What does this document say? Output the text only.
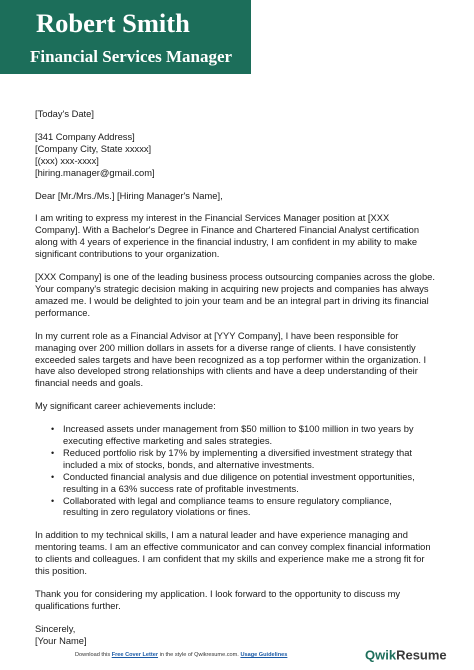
Robert Smith
Financial Services Manager
[Today's Date]
[341 Company Address]
[Company City, State xxxxx]
[(xxx) xxx-xxxx]
[hiring.manager@gmail.com]
Dear [Mr./Mrs./Ms.] [Hiring Manager's Name],

I am writing to express my interest in the Financial Services Manager position at [XXX
Company]. With a Bachelor's Degree in Finance and Chartered Financial Analyst certification
along with 4 years of experience in the financial industry, I am confident in my ability to make
significant contributions to your organization.

[XXX Company] is one of the leading business process outsourcing companies across the globe.
Your company's strategic decision making in acquiring new projects and companies has always
amazed me. I would be delighted to join your team and be an integral part in driving its financial
performance.

In my current role as a Financial Advisor at [YYY Company], I have been responsible for
managing over 200 million dollars in assets for a diverse range of clients. I have consistently
exceeded sales targets and have been recognized as a top performer within the organization. I
have also developed strong relationships with clients and have a deep understanding of their
financial needs and goals.

My significant career achievements include:

• Increased assets under management from $50 million to $100 million in two years by
executing effective marketing and sales strategies.
• Reduced portfolio risk by 17% by implementing a diversified investment strategy that
included a mix of stocks, bonds, and alternative investments.
• Conducted financial analysis and due diligence on potential investment opportunities,
resulting in a 63% success rate of profitable investments.
• Collaborated with legal and compliance teams to ensure regulatory compliance,
resulting in zero regulatory violations or fines.

In addition to my technical skills, I am a natural leader and have experience managing and
mentoring teams. I am an effective communicator and can convey complex financial information
to clients and colleagues. I am confident that my skills and experience make me a strong fit for
this position.

Thank you for considering my application. I look forward to the opportunity to discuss my
qualifications further.

Sincerely,
[Your Name]
Download this Free Cover Letter in the style of Qwikresume.com. Usage Guidelines	QwikResume
